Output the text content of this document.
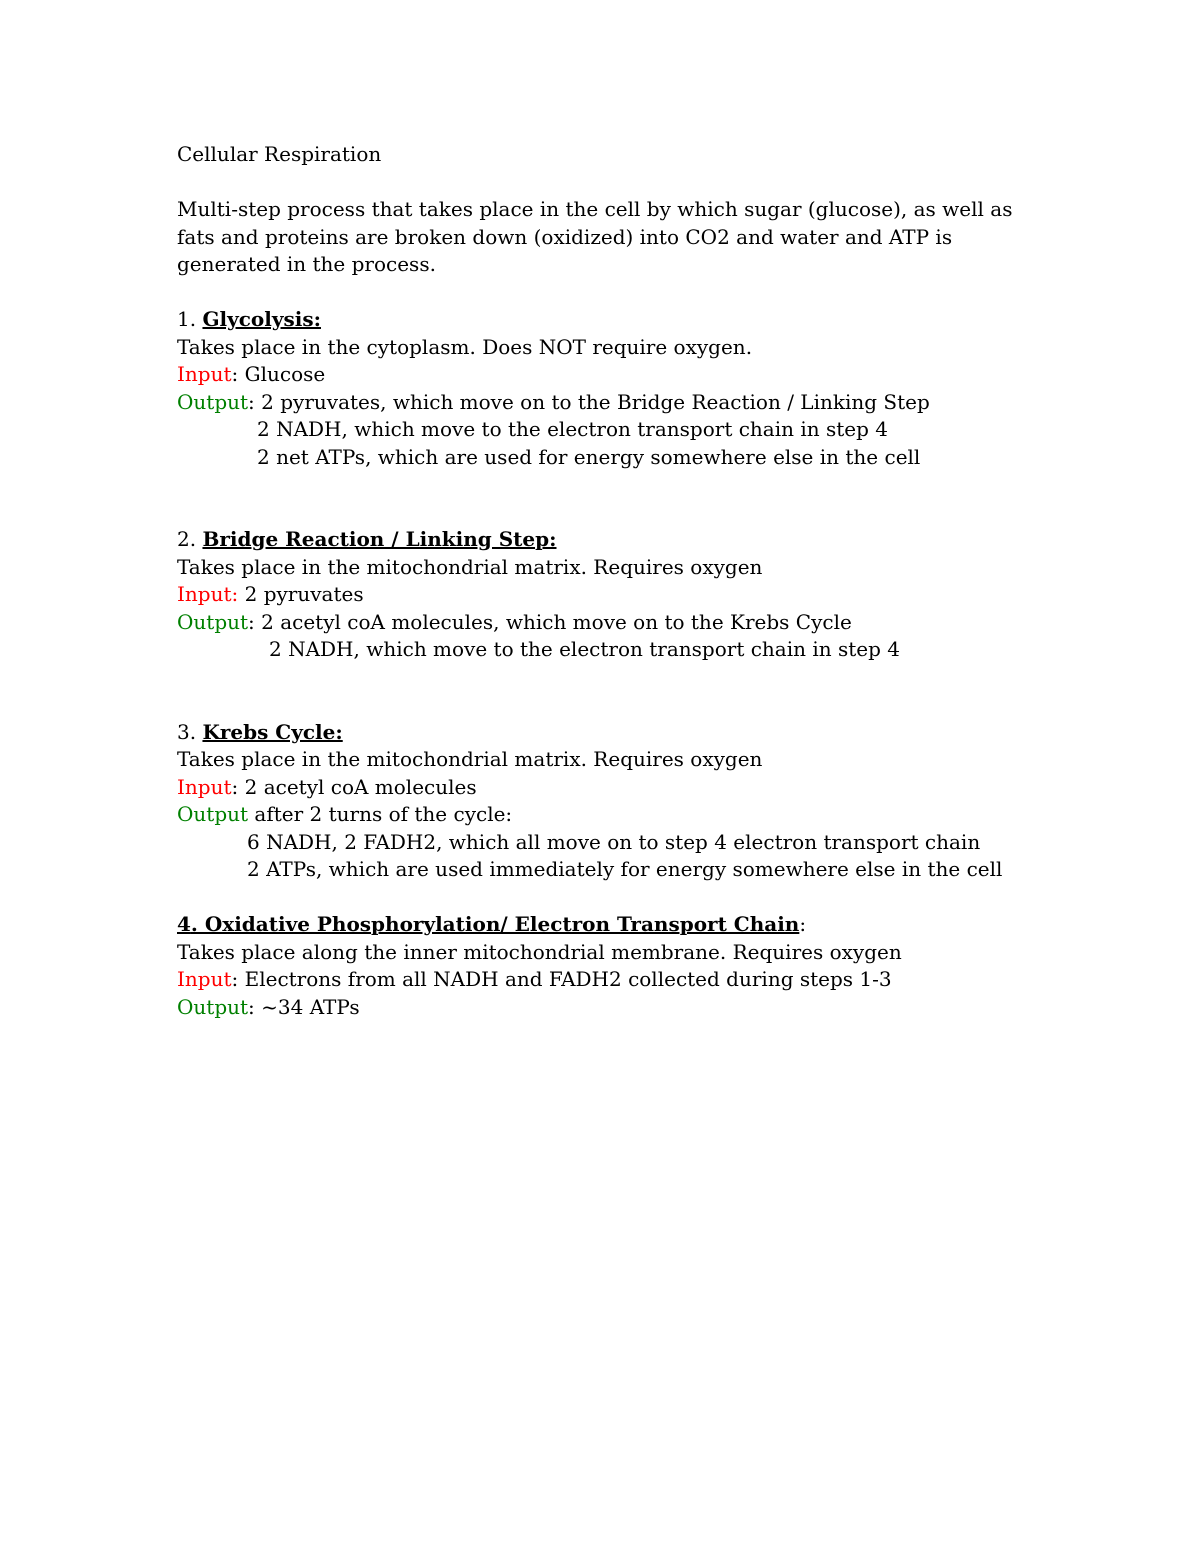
Cellular Respiration
Multi-step process that takes place in the cell by which sugar (glucose), as well as
fats and proteins are broken down (oxidized) into CO2 and water and ATP is
generated in the process.
1. Glycolysis:
Takes place in the cytoplasm. Does NOT require oxygen.
Input: Glucose
Output: 2 pyruvates, which move on to the Bridge Reaction / Linking Step
2 NADH, which move to the electron transport chain in step 4
2 net ATPs, which are used for energy somewhere else in the cell
2. Bridge Reaction / Linking Step:
Takes place in the mitochondrial matrix. Requires oxygen
Input: 2 pyruvates
Output: 2 acetyl coA molecules, which move on to the Krebs Cycle
2 NADH, which move to the electron transport chain in step 4
3. Krebs Cycle:
Takes place in the mitochondrial matrix. Requires oxygen
Input: 2 acetyl coA molecules
Output after 2 turns of the cycle:
6 NADH, 2 FADH2, which all move on to step 4 electron transport chain
2 ATPs, which are used immediately for energy somewhere else in the cell
4. Oxidative Phosphorylation/ Electron Transport Chain:
Takes place along the inner mitochondrial membrane. Requires oxygen
Input: Electrons from all NADH and FADH2 collected during steps 1-3
Output: ~34 ATPs
